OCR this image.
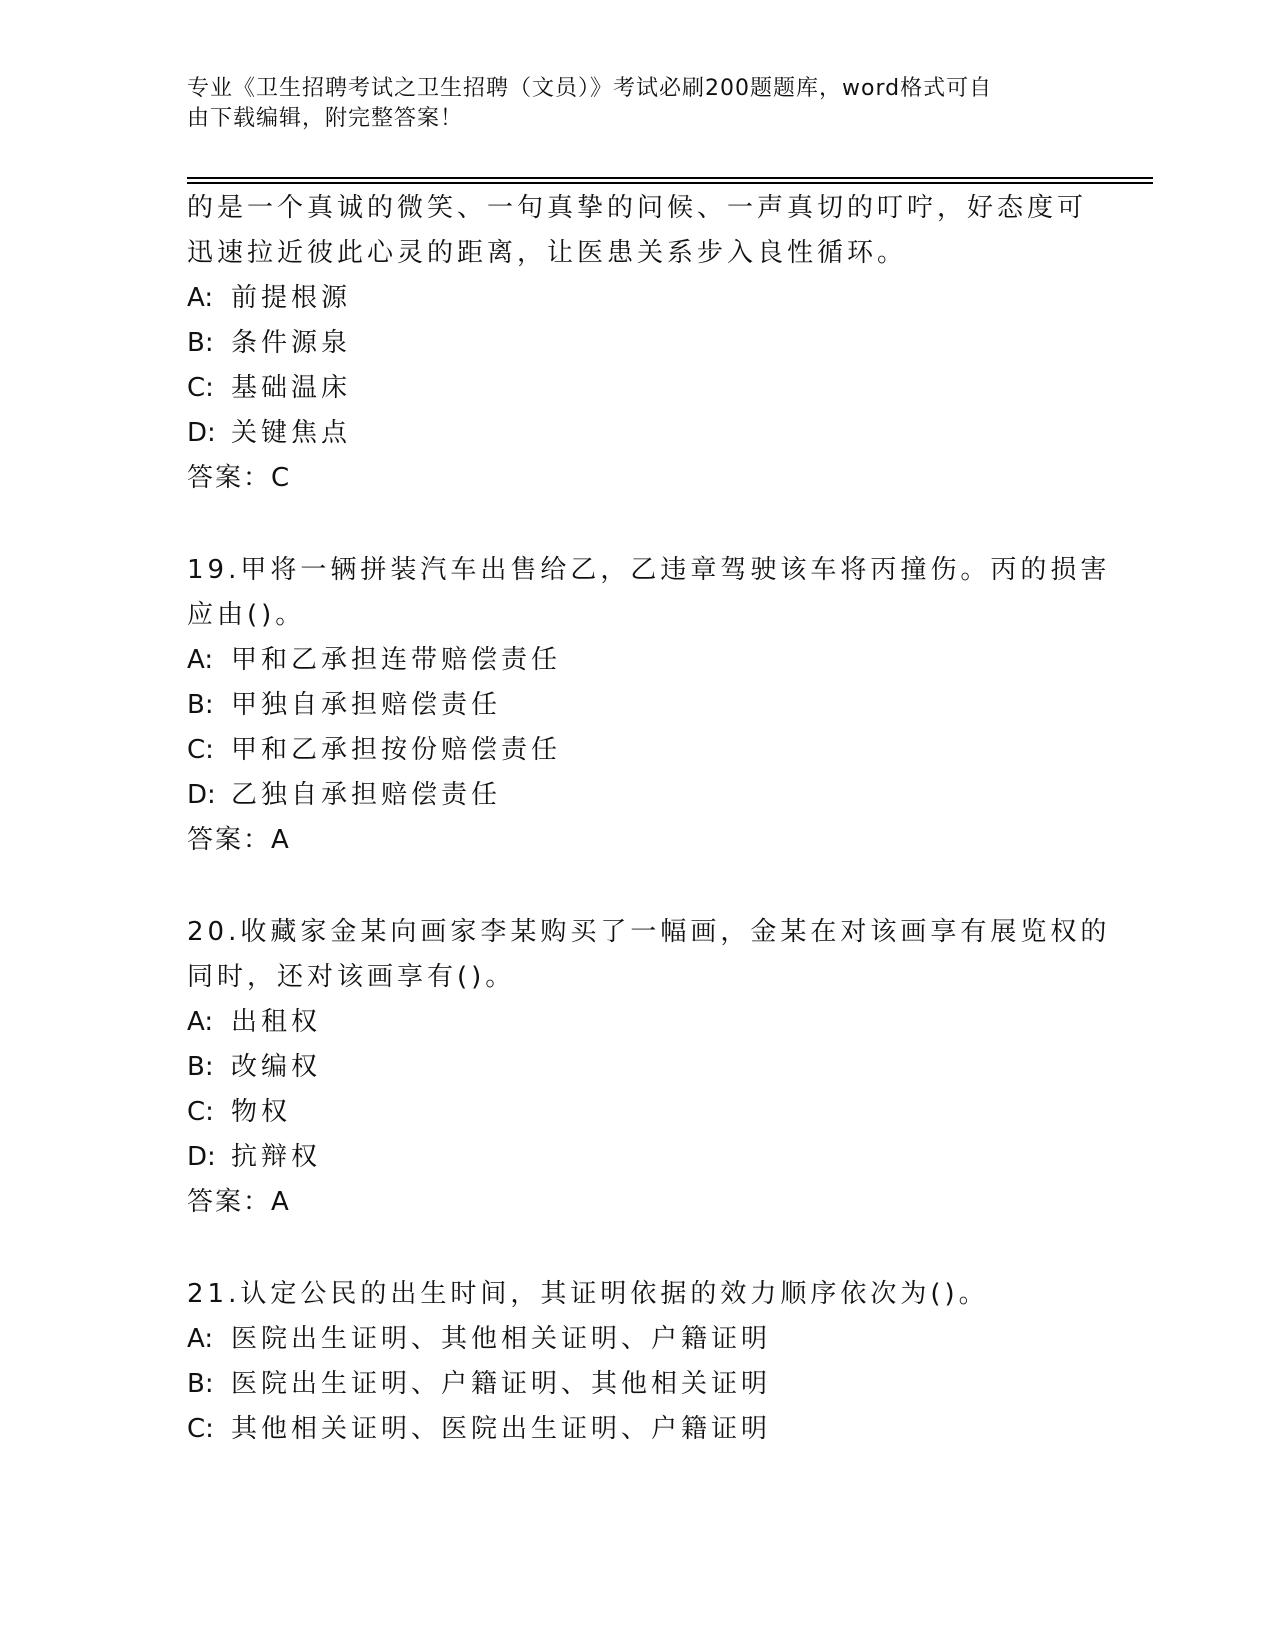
专业《卫生招聘考试之卫生招聘（文员）》考试必刷200题题库，word格式可自
由下载编辑，附完整答案！
的是一个真诚的微笑、一句真挚的问候、一声真切的叮咛，好态度可
迅速拉近彼此心灵的距离，让医患关系步入良性循环。
A: 前提根源
B: 条件源泉
C: 基础温床
D: 关键焦点
答案：C
19.甲将一辆拼装汽车出售给乙，乙违章驾驶该车将丙撞伤。丙的损害
应由()。
A: 甲和乙承担连带赔偿责任
B: 甲独自承担赔偿责任
C: 甲和乙承担按份赔偿责任
D: 乙独自承担赔偿责任
答案：A
20.收藏家金某向画家李某购买了一幅画，金某在对该画享有展览权的
同时，还对该画享有()。
A: 出租权
B: 改编权
C: 物权
D: 抗辩权
答案：A
21.认定公民的出生时间，其证明依据的效力顺序依次为()。
A: 医院出生证明、其他相关证明、户籍证明
B: 医院出生证明、户籍证明、其他相关证明
C: 其他相关证明、医院出生证明、户籍证明
